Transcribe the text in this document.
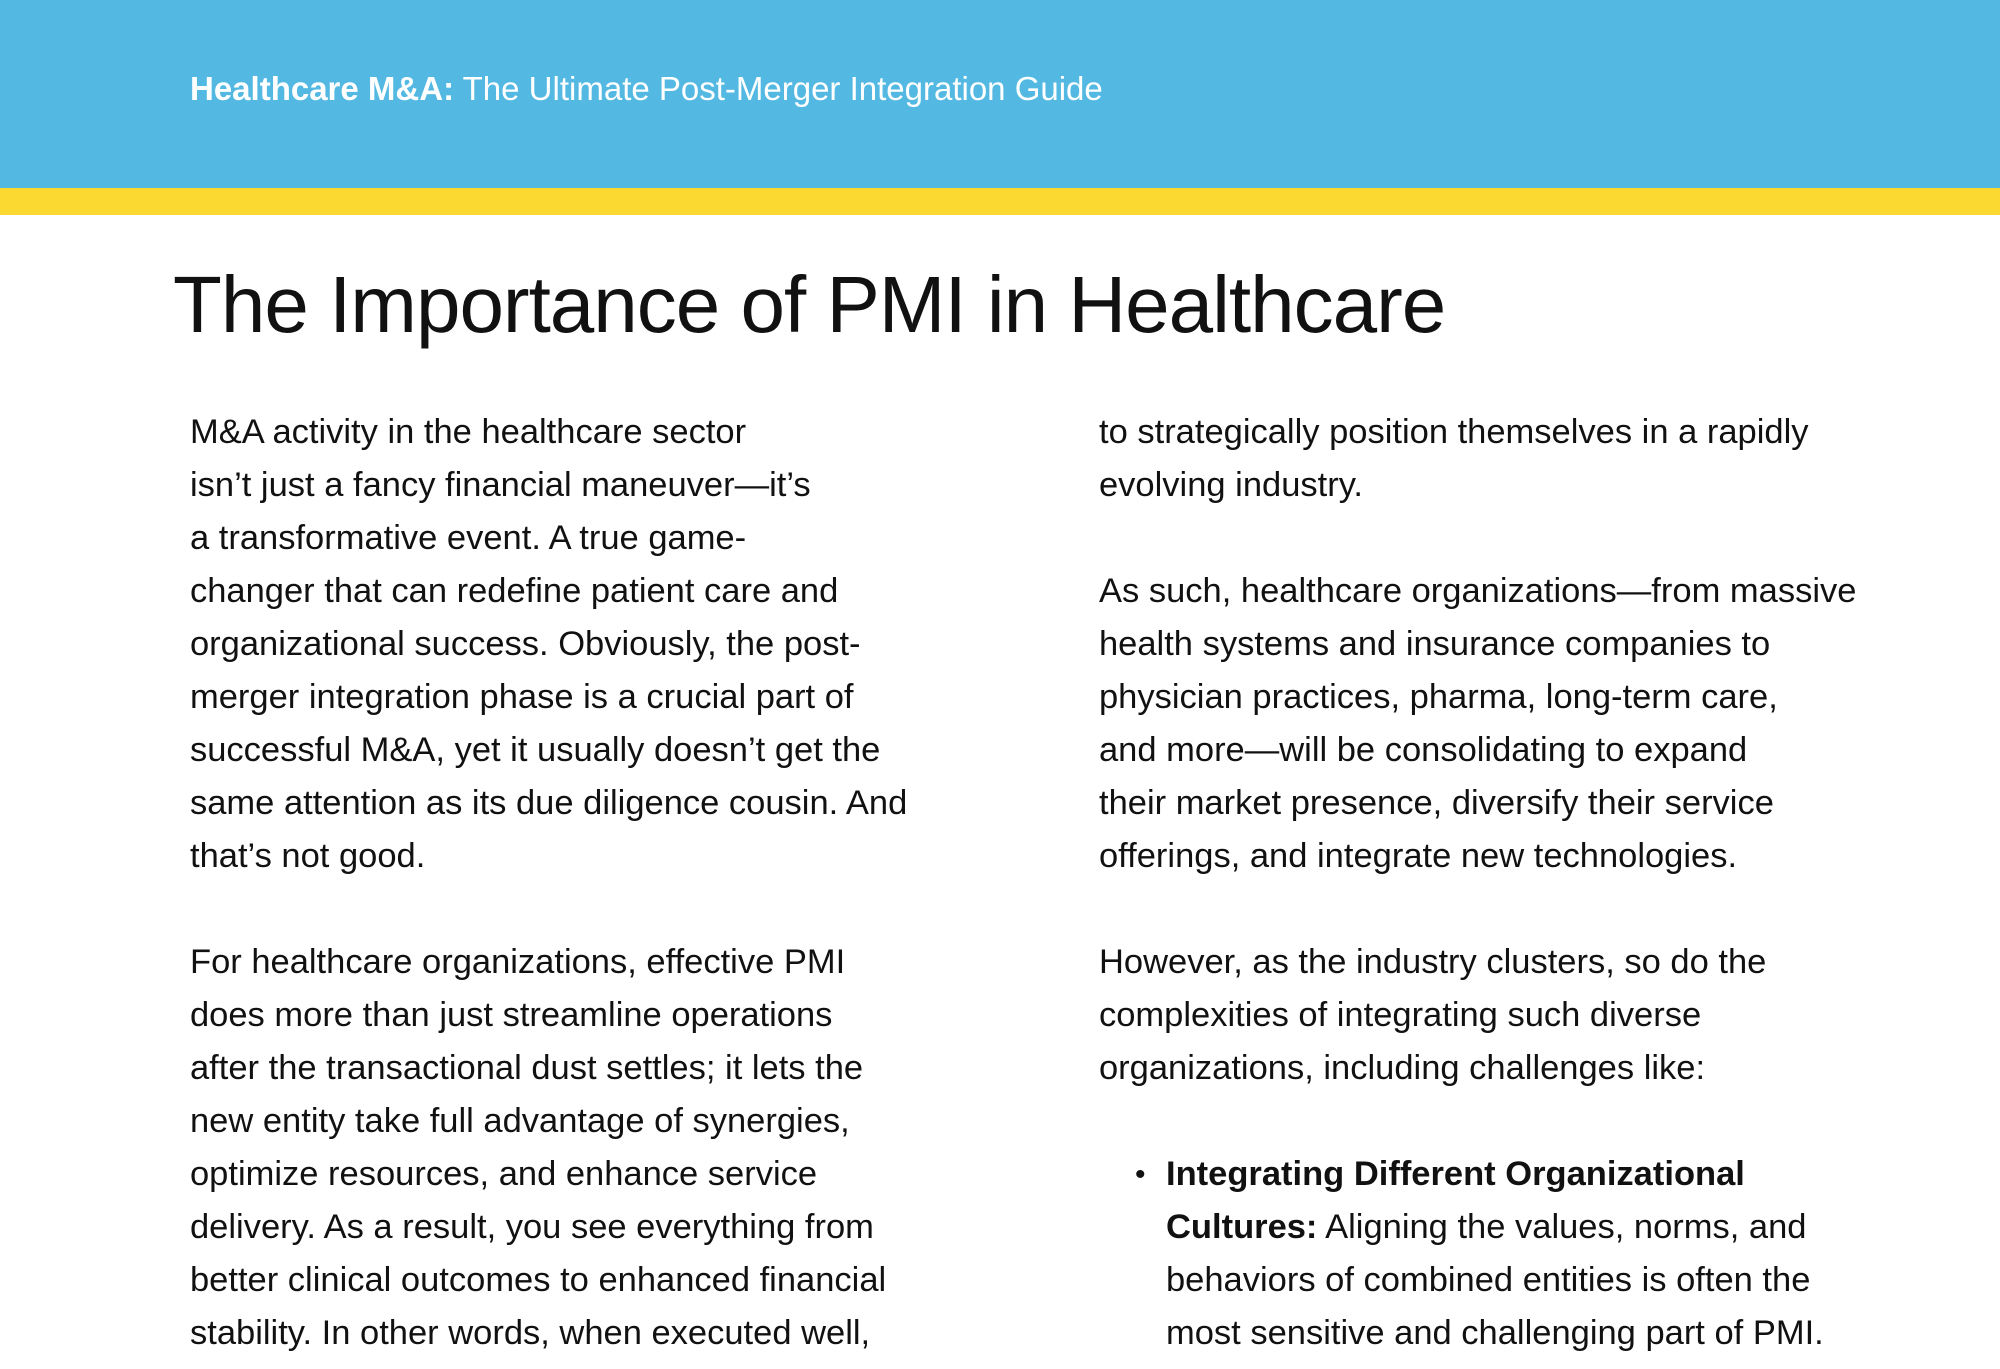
Healthcare M&A: The Ultimate Post-Merger Integration Guide
The Importance of PMI in Healthcare
M&A activity in the healthcare sector
isn’t just a fancy financial maneuver—it’s
a transformative event. A true game-
changer that can redefine patient care and
organizational success. Obviously, the post-
merger integration phase is a crucial part of
successful M&A, yet it usually doesn’t get the
same attention as its due diligence cousin. And
that’s not good.
For healthcare organizations, effective PMI
does more than just streamline operations
after the transactional dust settles; it lets the
new entity take full advantage of synergies,
optimize resources, and enhance service
delivery. As a result, you see everything from
better clinical outcomes to enhanced financial
stability. In other words, when executed well,
to strategically position themselves in a rapidly
evolving industry.
As such, healthcare organizations—from massive
health systems and insurance companies to
physician practices, pharma, long-term care,
and more—will be consolidating to expand
their market presence, diversify their service
offerings, and integrate new technologies.
However, as the industry clusters, so do the
complexities of integrating such diverse
organizations, including challenges like:
• Integrating Different Organizational
Cultures: Aligning the values, norms, and
behaviors of combined entities is often the
most sensitive and challenging part of PMI.
